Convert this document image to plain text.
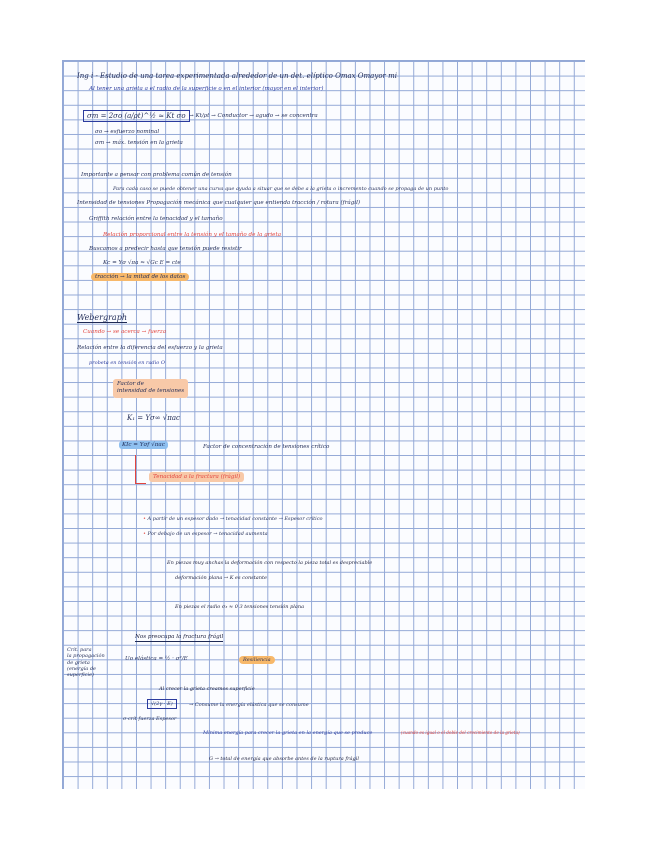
Ing i - Estudio de una tarea experimentada alrededor de un det. elíptico Omax Omayor mi
Al tener una grieta a el radio de la superficie o en el interior (mayor en el interior)
σm = 2σo (a/ρt)^½ ≈ Kt σo → Kt/ρt → Conductor → agudo → se concentra
σo → esfuerzo nominal
σm → máx. tensión en la grieta
Importante a pensar con problema común de tensión
Para cada caso se puede obtener una curva que ayuda a situar que se debe a la grieta o incremento cuando se propaga de un punto
Intensidad de tensiones Propagación mecánica que cualquier que entienda tracción / rotura (frágil)
Griffith relación entre la tenacidad y el tamaño
Relación proporcional entre la tensión y el tamaño de la grieta
Buscamos a predecir hasta que tensión puede resistir
Kc = Yσ √πa ≈ √Gc E = cte
tracción → la mitad de los datos
Webergraph
Cuando → se acerca → fuerza
Relación entre la diferencia del esfuerzo y la grieta
probeta en tensión en radio O
Factor de
intensidad de tensiones
K₁ = Yσ∞ √πac
KIc = Yσf √πac	Factor de concentración de tensiones crítico
Tenacidad a la fractura (frágil)
• A partir de un espesor dado → tenacidad constante → Espesor crítico
• Por debajo de un espesor → tenacidad aumenta
En piezas muy anchas la deformación con respecto la pieza total es despreciable
deformación plana → K es constante
En piezas el radio σ₃ ≈ 0 3 tensiones tensión plana
Nos preocupa la fractura frágil
Crit. para
la propagación
de grieta
(energía de
superficie)
Uo elástica = ½ · σ²/E	Resiliencia
Al crecer la grieta creamos superficie
√(2γ · E)	→ Consume la energía elástica que se consume
σ·crit fuerza Espesor
Mínima energía para crecer la grieta en la energía que se produce	(cuando es igual o el doble del crecimiento de la grieta)
G → total de energía que absorbe antes de la ruptura frágil
